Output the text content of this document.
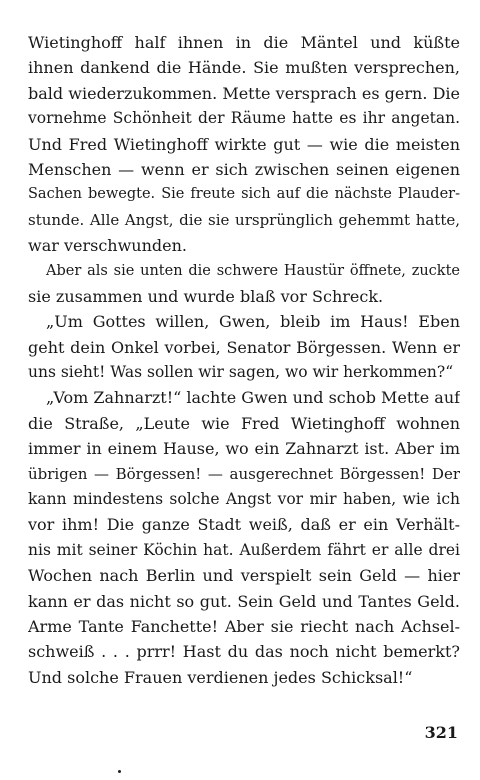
Wietinghoff half ihnen in die Mäntel und küßte
ihnen dankend die Hände. Sie mußten versprechen,
bald wiederzukommen. Mette versprach es gern. Die
vornehme Schönheit der Räume hatte es ihr angetan.
Und Fred Wietinghoff wirkte gut — wie die meisten
Menschen — wenn er sich zwischen seinen eigenen
Sachen bewegte. Sie freute sich auf die nächste Plauder-
stunde. Alle Angst, die sie ursprünglich gehemmt hatte,
war verschwunden.
Aber als sie unten die schwere Haustür öffnete, zuckte
sie zusammen und wurde blaß vor Schreck.
„Um Gottes willen, Gwen, bleib im Haus! Eben
geht dein Onkel vorbei, Senator Börgessen. Wenn er
uns sieht! Was sollen wir sagen, wo wir herkommen?“
„Vom Zahnarzt!“ lachte Gwen und schob Mette auf
die Straße, „Leute wie Fred Wietinghoff wohnen
immer in einem Hause, wo ein Zahnarzt ist. Aber im
übrigen — Börgessen! — ausgerechnet Börgessen! Der
kann mindestens solche Angst vor mir haben, wie ich
vor ihm! Die ganze Stadt weiß, daß er ein Verhält-
nis mit seiner Köchin hat. Außerdem fährt er alle drei
Wochen nach Berlin und verspielt sein Geld — hier
kann er das nicht so gut. Sein Geld und Tantes Geld.
Arme Tante Fanchette! Aber sie riecht nach Achsel-
schweiß . . . prrr! Hast du das noch nicht bemerkt?
Und solche Frauen verdienen jedes Schicksal!“
321
